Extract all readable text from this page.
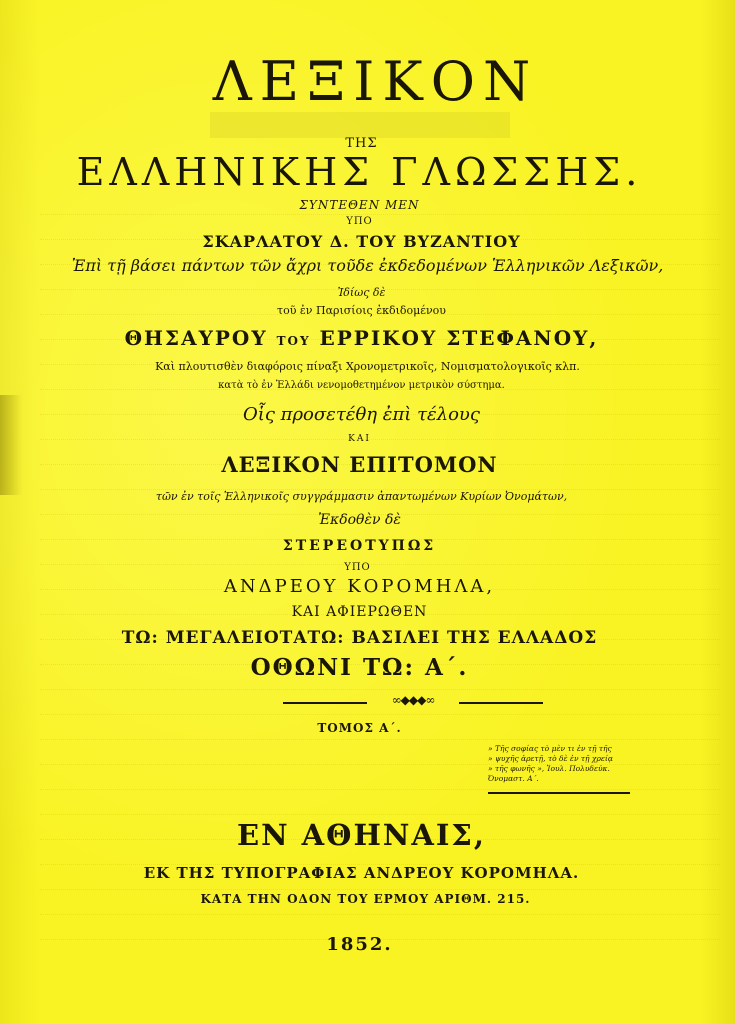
ΛΕΞΙΚΟΝ
ΤΗΣ
ΕΛΛΗΝΙΚΗΣ ΓΛΩΣΣΗΣ.
ΣΥΝΤΕΘΕΝ ΜΕΝ
ΥΠΟ
ΣΚΑΡΛΑΤΟΥ Δ. ΤΟΥ ΒΥΖΑΝΤΙΟΥ
Ἐπὶ τῇ βάσει πάντων τῶν ἄχρι τοῦδε ἐκδεδομένων Ἑλληνικῶν Λεξικῶν,
Ἰδίως δὲ
τοῦ ἐν Παρισίοις ἐκδιδομένου
ΘΗΣΑΥΡΟΥ ΤΟΥ ΕΡΡΙΚΟΥ ΣΤΕΦΑΝΟΥ,
Καὶ πλουτισθὲν διαφόροις πίναξι Χρονομετρικοῖς, Νομισματολογικοῖς κλπ.
κατὰ τὸ ἐν Ἑλλάδι νενομοθετημένον μετρικὸν σύστημα.
Οἷς προσετέθη ἐπὶ τέλους
ΚΑΙ
ΛΕΞΙΚΟΝ ΕΠΙΤΟΜΟΝ
τῶν ἐν τοῖς Ἑλληνικοῖς συγγράμμασιν ἀπαντωμένων Κυρίων Ὀνομάτων,
Ἐκδοθὲν δὲ
ΣΤΕΡΕΟΤΥΠΩΣ
ΥΠΟ
ΑΝΔΡΕΟΥ ΚΟΡΟΜΗΛΑ,
ΚΑΙ ΑΦΙΕΡΩΘΕΝ
ΤΩ: ΜΕΓΑΛΕΙΟΤΑΤΩ: ΒΑΣΙΛΕΙ ΤΗΣ ΕΛΛΑΔΟΣ
ΟΘΩΝΙ ΤΩ: Α΄.
∞◆◆◆∞
ΤΟΜΟΣ Α΄.
» Τῆς σοφίας τὸ μὲν τι ἐν τῇ τῆς
» ψυχῆς ἀρετῇ, τὸ δὲ ἐν τῇ χρείᾳ
» τῆς φωνῆς », Ἰουλ. Πολυδεύκ.
Ὀνομαστ. Α΄.
ΕΝ ΑΘΗΝΑΙΣ,
ΕΚ ΤΗΣ ΤΥΠΟΓΡΑΦΙΑΣ ΑΝΔΡΕΟΥ ΚΟΡΟΜΗΛΑ.
ΚΑΤΑ ΤΗΝ ΟΔΟΝ ΤΟΥ ΕΡΜΟΥ ΑΡΙΘΜ. 215.
1852.
